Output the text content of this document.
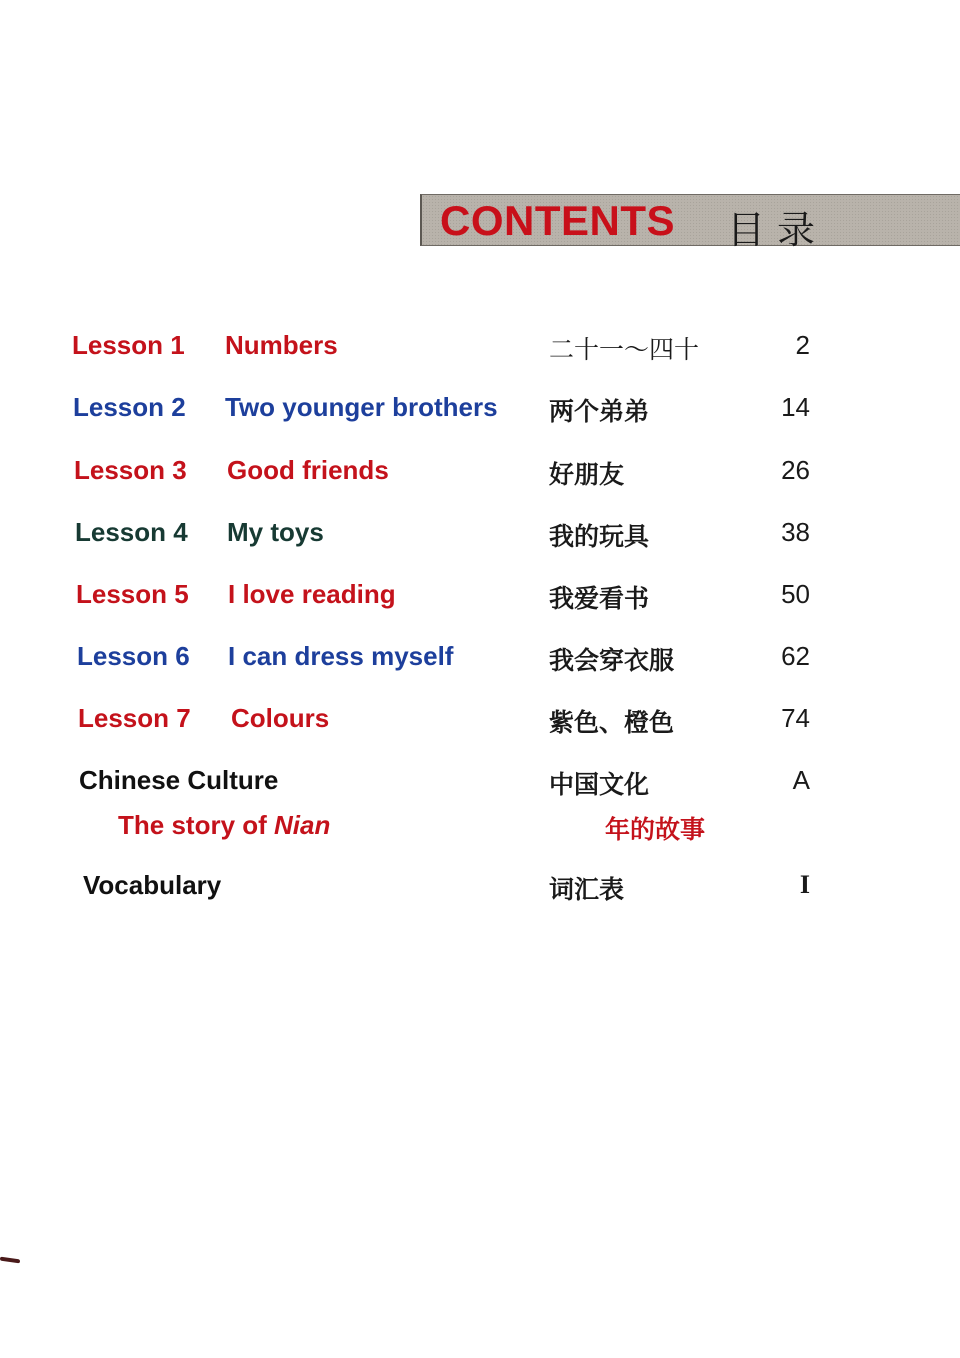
CONTENTS 目录
Lesson 1 Numbers	二十一～四十	2
Lesson 2 Two younger brothers 两个弟弟	14
Lesson 3 Good friends	好朋友	26
Lesson 4 My toys	我的玩具	38
Lesson 5 I love reading	我爱看书	50
Lesson 6 I can dress myself	我会穿衣服	62
Lesson 7 Colours	紫色、橙色	74
Chinese Culture	中国文化	A
The story of Nian	年的故事
Vocabulary	词汇表	I
